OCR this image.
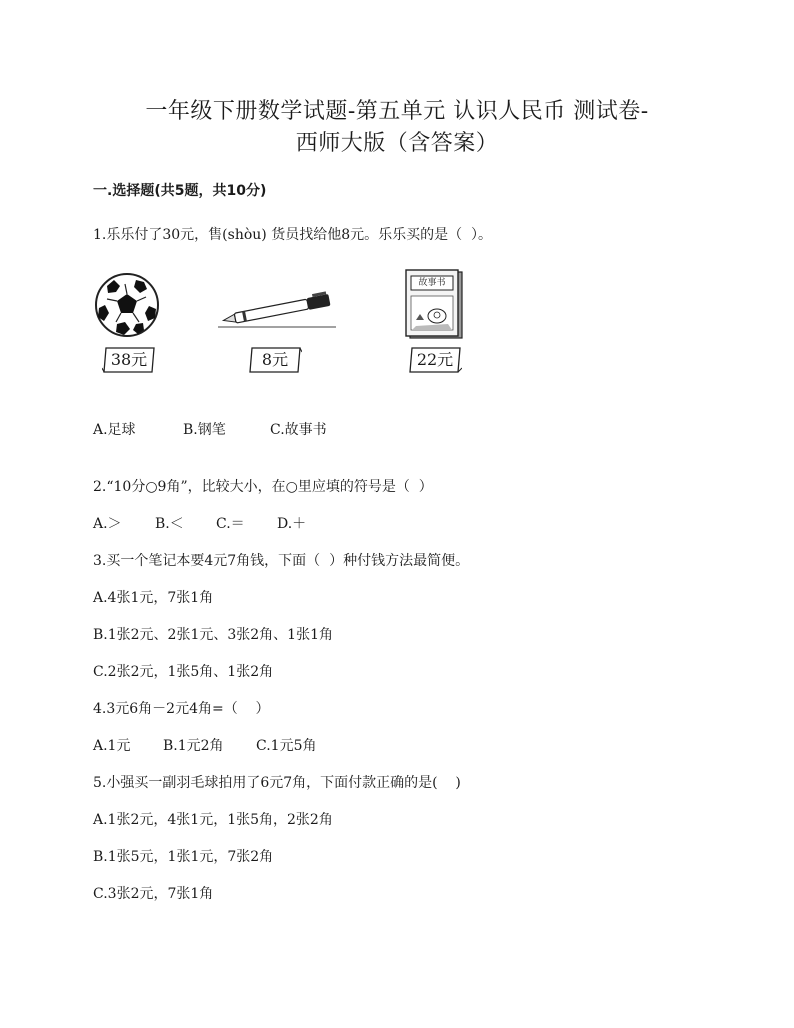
一年级下册数学试题-第五单元 认识人民币 测试卷-
西师大版（含答案）
一.选择题(共5题，共10分)
1.乐乐付了30元，售(shòu) 货员找给他8元。乐乐买的是（  ）。
38元	8元
故事书
22元
A.足球	B.钢笔	C.故事书
2.“10分○9角”，比较大小，在○里应填的符号是（  ）
A.＞ B.＜ C.＝ D.＋
3.买一个笔记本要4元7角钱，下面（  ）种付钱方法最简便。
A.4张1元，7张1角
B.1张2元、2张1元、3张2角、1张1角
C.2张2元，1张5角、1张2角
4.3元6角－2元4角=（    ）
A.1元 B.1元2角 C.1元5角
5.小强买一副羽毛球拍用了6元7角，下面付款正确的是(    )
A.1张2元，4张1元，1张5角，2张2角
B.1张5元，1张1元，7张2角
C.3张2元，7张1角
